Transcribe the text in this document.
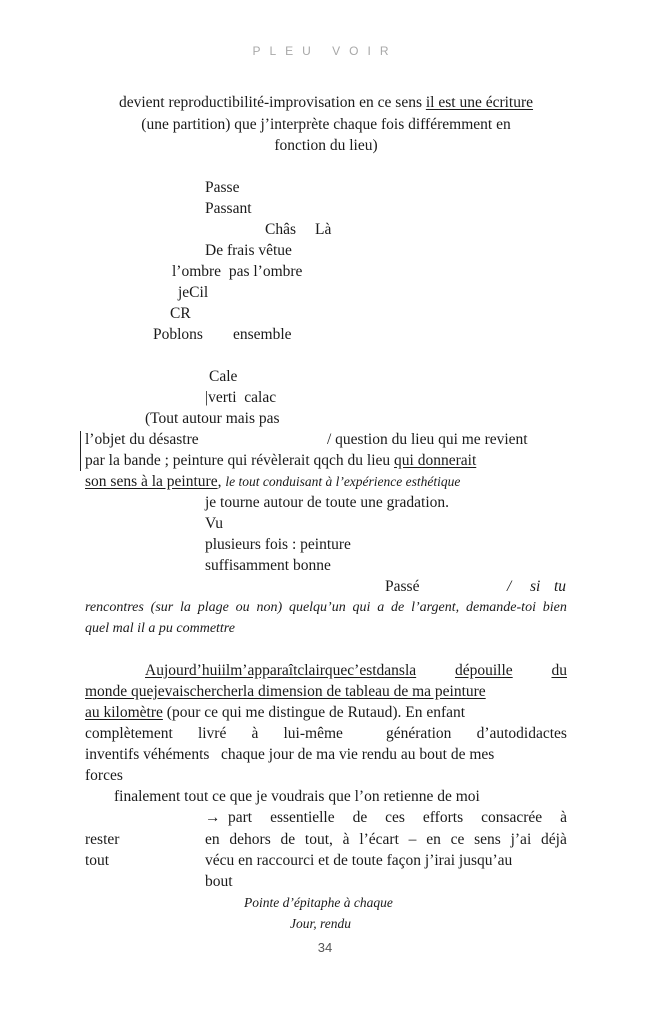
PLEU VOIR
devient reproductibilité-improvisation en ce sens il est une écriture
(une partition) que j’interprète chaque fois différemment en
fonction du lieu)
Passe
Passant
Châs Là
De frais vêtue
l’ombre  pas l’ombre
jeCil
CR
Poblons ensemble
Cale
|verti  calac
(Tout autour mais pas
l’objet du désastre	/ question du lieu qui me revient
par la bande ; peinture qui révèlerait qqch du lieu qui donnerait
son sens à la peinture, le tout conduisant à l’expérience esthétique
je tourne autour de toute une gradation.
Vu
plusieurs fois : peinture
suffisamment bonne
Passé	/ si tu
rencontres (sur la plage ou non) quelqu’un qui a de l’argent, demande-toi bien
quel mal il a pu commettre
Aujourd’huiilm’apparaîtclairquec’estdansla	dépouille	du
monde quejevaischercherla dimension de tableau de ma peinture
au kilomètre (pour ce qui me distingue de Rutaud). En enfant
complètement livré à lui-même	génération d’autodidactes
inventifs véhéments   chaque jour de ma vie rendu au bout de mes
forces
finalement tout ce que je voudrais que l’on retienne de moi
→ part essentielle de ces efforts consacrée à
rester	en dehors de tout, à l’écart – en ce sens j’ai déjà
tout	vécu en raccourci et de toute façon j’irai jusqu’au
bout
Pointe d’épitaphe à chaque
Jour, rendu
34
